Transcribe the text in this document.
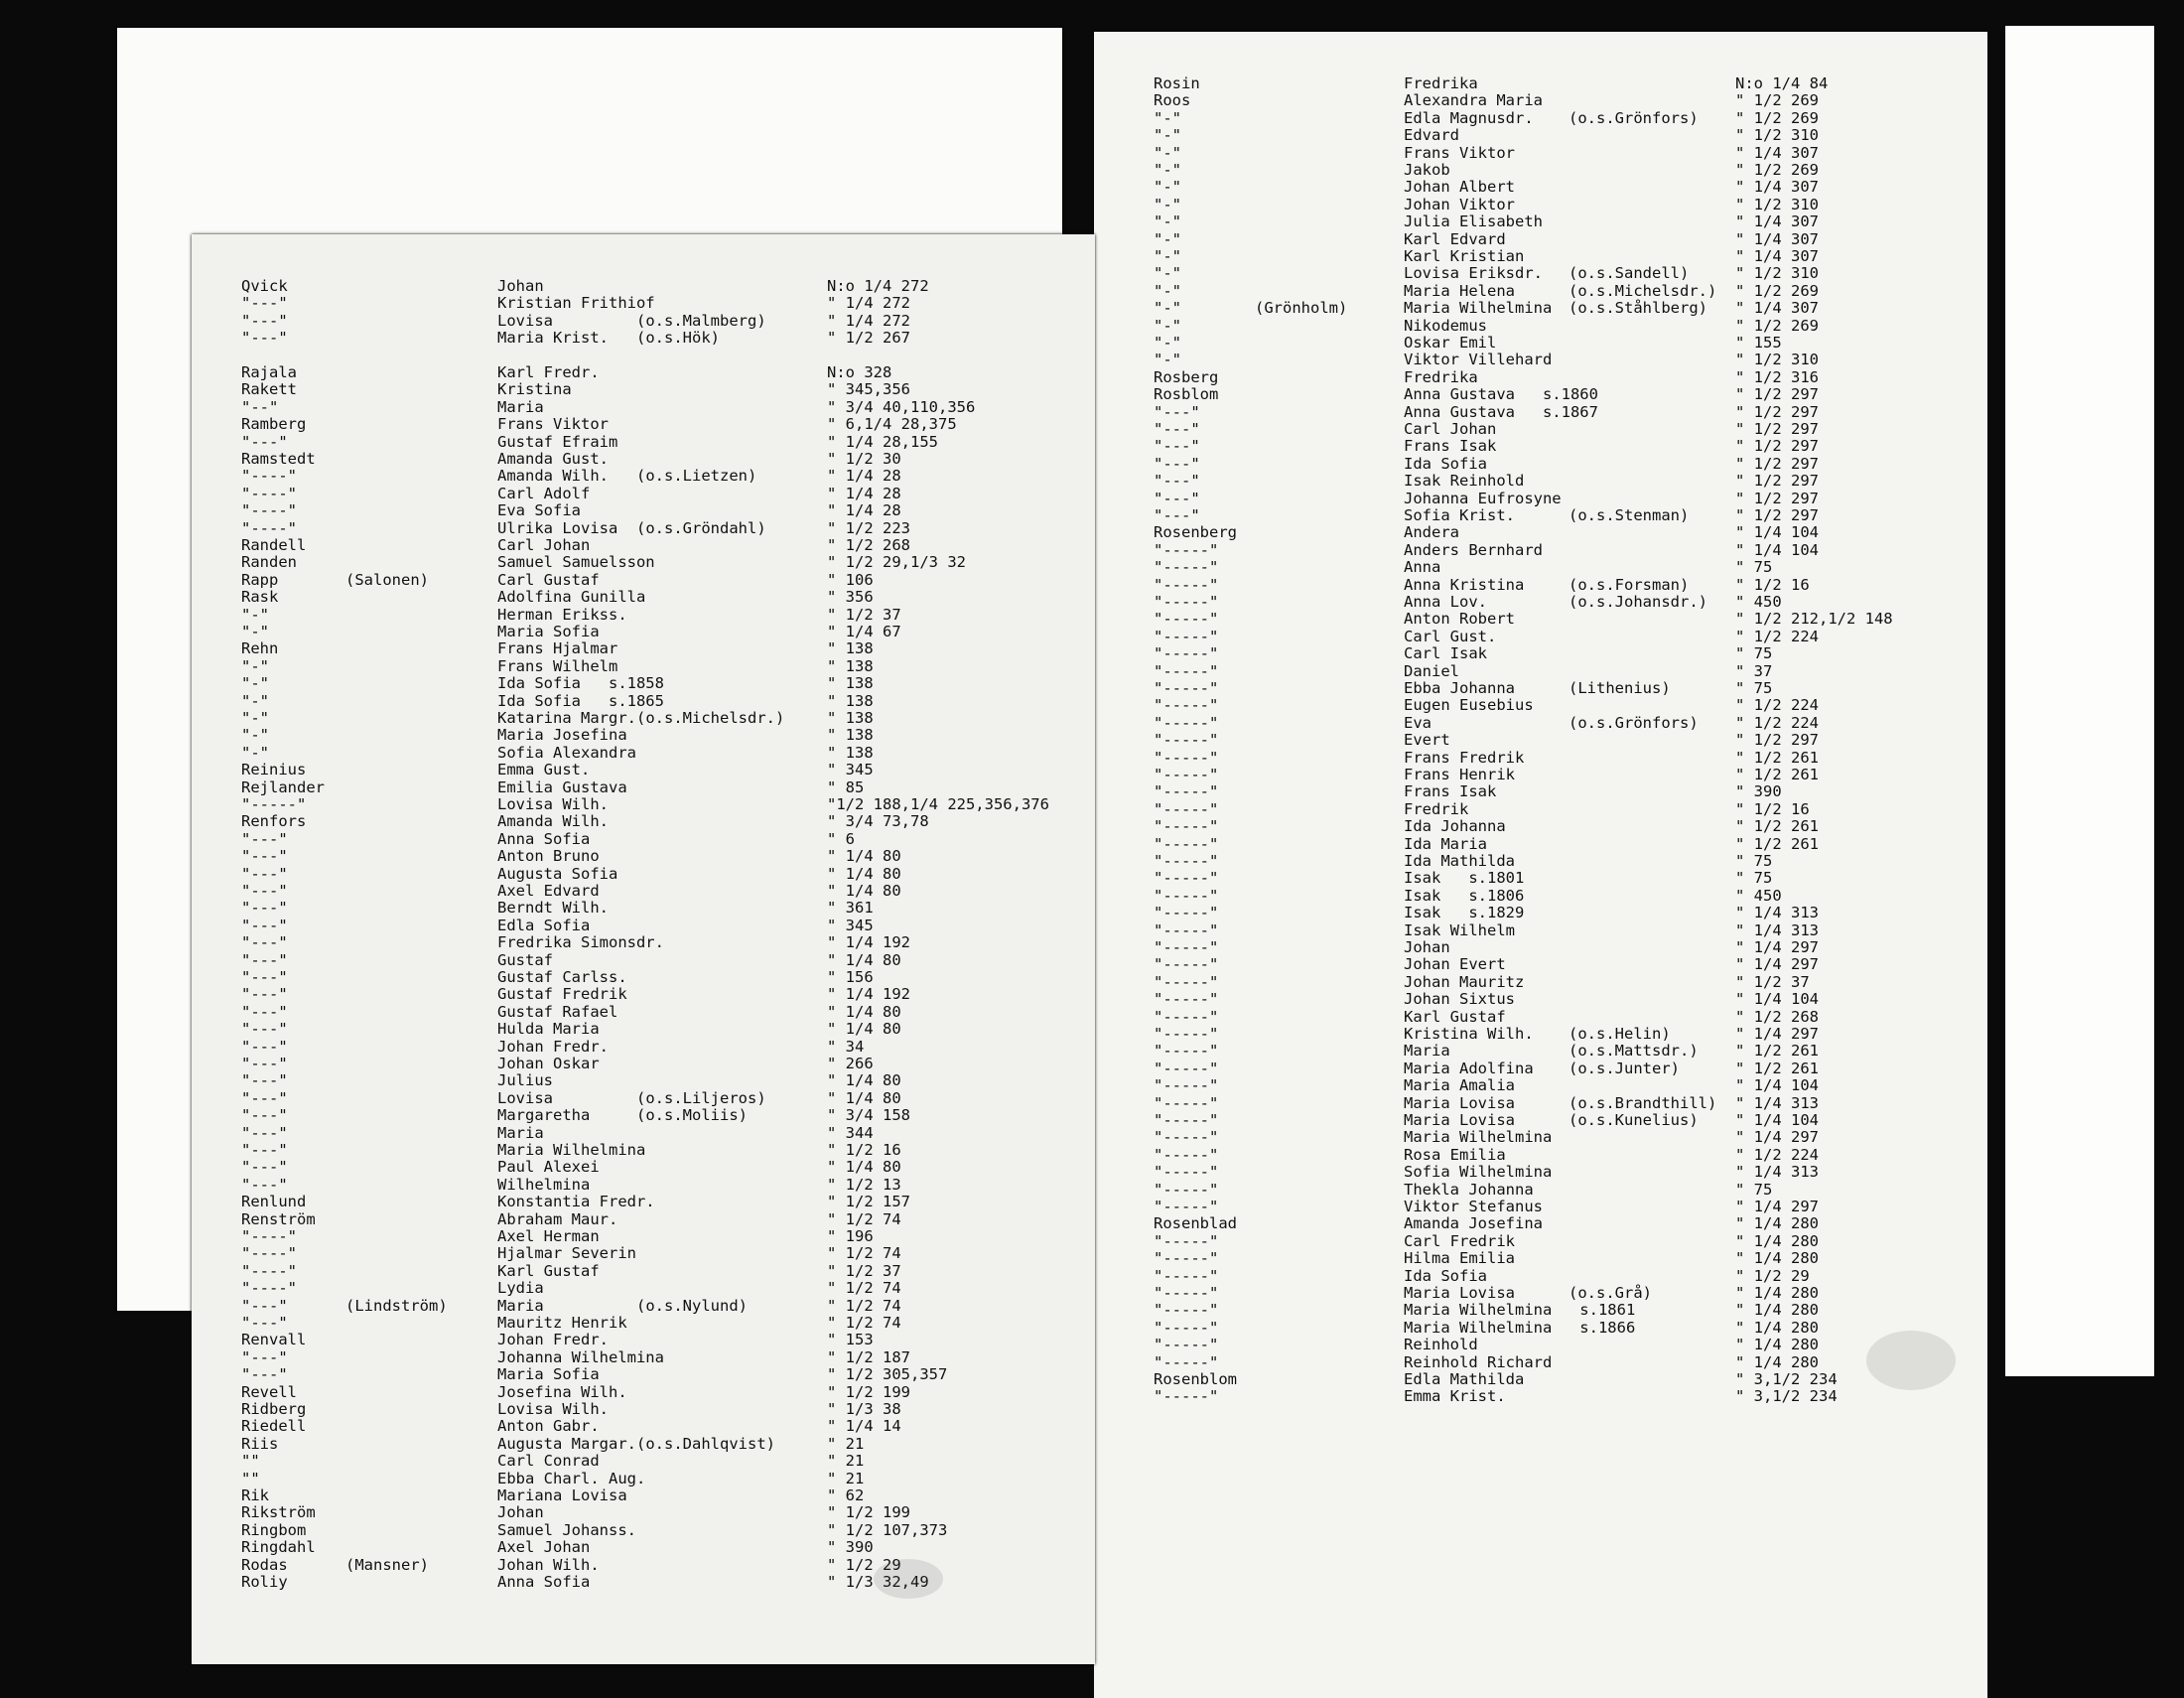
Rosin	Fredrika	N:o 1/4 84
Roos	Alexandra Maria	" 1/2 269
"-"	Edla Magnusdr. (o.s.Grönfors) " 1/2 269
"-"	Edvard	" 1/2 310
"-"	Frans Viktor	" 1/4 307
"-"	Jakob	" 1/2 269
"-"	Johan Albert	" 1/4 307
"-"	Johan Viktor	" 1/2 310
"-"	Julia Elisabeth	" 1/4 307
"-"	Karl Edvard	" 1/4 307
"-"	Karl Kristian	" 1/4 307
"-"	Lovisa Eriksdr. (o.s.Sandell)	" 1/2 310
"-"	Maria Helena	(o.s.Michelsdr.) " 1/2 269
"-"	(Grönholm)	Maria Wilhelmina (o.s.Ståhlberg) " 1/4 307
"-"	Nikodemus	" 1/2 269
"-"	Oskar Emil	" 155
"-"	Viktor Villehard	" 1/2 310
Rosberg	Fredrika	" 1/2 316
Rosblom	Anna Gustava   s.1860	" 1/2 297
"---"	Anna Gustava   s.1867	" 1/2 297
"---"	Carl Johan	" 1/2 297
"---"	Frans Isak	" 1/2 297
"---"	Ida Sofia	" 1/2 297
"---"	Isak Reinhold	" 1/2 297
"---"	Johanna Eufrosyne	" 1/2 297
"---"	Sofia Krist.	(o.s.Stenman)	" 1/2 297
Rosenberg	Andera	" 1/4 104
"-----"	Anders Bernhard	" 1/4 104
"-----"	Anna	" 75
"-----"	Anna Kristina	(o.s.Forsman)	" 1/2 16
"-----"	Anna Lov.	(o.s.Johansdr.) " 450
"-----"	Anton Robert	" 1/2 212,1/2 148
"-----"	Carl Gust.	" 1/2 224
"-----"	Carl Isak	" 75
"-----"	Daniel	" 37
"-----"	Ebba Johanna	(Lithenius)	" 75
"-----"	Eugen Eusebius	" 1/2 224
"-----"	Eva	(o.s.Grönfors) " 1/2 224
"-----"	Evert	" 1/2 297
"-----"	Frans Fredrik	" 1/2 261
"-----"	Frans Henrik	" 1/2 261
"-----"	Frans Isak	" 390
"-----"	Fredrik	" 1/2 16
"-----"	Ida Johanna	" 1/2 261
"-----"	Ida Maria	" 1/2 261
"-----"	Ida Mathilda	" 75
"-----"	Isak   s.1801	" 75
"-----"	Isak   s.1806	" 450
"-----"	Isak   s.1829	" 1/4 313
"-----"	Isak Wilhelm	" 1/4 313
"-----"	Johan	" 1/4 297
"-----"	Johan Evert	" 1/4 297
"-----"	Johan Mauritz	" 1/2 37
"-----"	Johan Sixtus	" 1/4 104
"-----"	Karl Gustaf	" 1/2 268
"-----"	Kristina Wilh. (o.s.Helin)	" 1/4 297
"-----"	Maria	(o.s.Mattsdr.) " 1/2 261
"-----"	Maria Adolfina (o.s.Junter)	" 1/2 261
"-----"	Maria Amalia	" 1/4 104
"-----"	Maria Lovisa	(o.s.Brandthill) " 1/4 313
"-----"	Maria Lovisa	(o.s.Kunelius) " 1/4 104
"-----"	Maria Wilhelmina	" 1/4 297
"-----"	Rosa Emilia	" 1/2 224
"-----"	Sofia Wilhelmina	" 1/4 313
"-----"	Thekla Johanna	" 75
"-----"	Viktor Stefanus	" 1/4 297
Rosenblad	Amanda Josefina	" 1/4 280
"-----"	Carl Fredrik	" 1/4 280
"-----"	Hilma Emilia	" 1/4 280
"-----"	Ida Sofia	" 1/2 29
"-----"	Maria Lovisa	(o.s.Grå)	" 1/4 280
"-----"	Maria Wilhelmina   s.1861	" 1/4 280
"-----"	Maria Wilhelmina   s.1866	" 1/4 280
"-----"	Reinhold	" 1/4 280
"-----"	Reinhold Richard	" 1/4 280
Rosenblom	Edla Mathilda	" 3,1/2 234
"-----"	Emma Krist.	" 3,1/2 234
Qvick	Johan	N:o 1/4 272
"---"	Kristian Frithiof	" 1/4 272
"---"	Lovisa	(o.s.Malmberg)	" 1/4 272
"---"	Maria Krist. (o.s.Hök)	" 1/2 267
Rajala	Karl Fredr.	N:o 328
Rakett	Kristina	" 345,356
"--"	Maria	" 3/4 40,110,356
Ramberg	Frans Viktor	" 6,1/4 28,375
"---"	Gustaf Efraim	" 1/4 28,155
Ramstedt	Amanda Gust.	" 1/2 30
"----"	Amanda Wilh. (o.s.Lietzen)	" 1/4 28
"----"	Carl Adolf	" 1/4 28
"----"	Eva Sofia	" 1/4 28
"----"	Ulrika Lovisa (o.s.Gröndahl)	" 1/2 223
Randell	Carl Johan	" 1/2 268
Randen	Samuel Samuelsson	" 1/2 29,1/3 32
Rapp	(Salonen)	Carl Gustaf	" 106
Rask	Adolfina Gunilla	" 356
"-"	Herman Erikss.	" 1/2 37
"-"	Maria Sofia	" 1/4 67
Rehn	Frans Hjalmar	" 138
"-"	Frans Wilhelm	" 138
"-"	Ida Sofia   s.1858	" 138
"-"	Ida Sofia   s.1865	" 138
"-"	Katarina Margr. (o.s.Michelsdr.)	" 138
"-"	Maria Josefina	" 138
"-"	Sofia Alexandra	" 138
Reinius	Emma Gust.	" 345
Rejlander	Emilia Gustava	" 85
"-----"	Lovisa Wilh.	"1/2 188,1/4 225,356,376
Renfors	Amanda Wilh.	" 3/4 73,78
"---"	Anna Sofia	" 6
"---"	Anton Bruno	" 1/4 80
"---"	Augusta Sofia	" 1/4 80
"---"	Axel Edvard	" 1/4 80
"---"	Berndt Wilh.	" 361
"---"	Edla Sofia	" 345
"---"	Fredrika Simonsdr.	" 1/4 192
"---"	Gustaf	" 1/4 80
"---"	Gustaf Carlss.	" 156
"---"	Gustaf Fredrik	" 1/4 192
"---"	Gustaf Rafael	" 1/4 80
"---"	Hulda Maria	" 1/4 80
"---"	Johan Fredr.	" 34
"---"	Johan Oskar	" 266
"---"	Julius	" 1/4 80
"---"	Lovisa	(o.s.Liljeros)	" 1/4 80
"---"	Margaretha	(o.s.Moliis)	" 3/4 158
"---"	Maria	" 344
"---"	Maria Wilhelmina	" 1/2 16
"---"	Paul Alexei	" 1/4 80
"---"	Wilhelmina	" 1/2 13
Renlund	Konstantia Fredr.	" 1/2 157
Renström	Abraham Maur.	" 1/2 74
"----"	Axel Herman	" 196
"----"	Hjalmar Severin	" 1/2 74
"----"	Karl Gustaf	" 1/2 37
"----"	Lydia	" 1/2 74
"---"	(Lindström)	Maria	(o.s.Nylund)	" 1/2 74
"---"	Mauritz Henrik	" 1/2 74
Renvall	Johan Fredr.	" 153
"---"	Johanna Wilhelmina	" 1/2 187
"---"	Maria Sofia	" 1/2 305,357
Revell	Josefina Wilh.	" 1/2 199
Ridberg	Lovisa Wilh.	" 1/3 38
Riedell	Anton Gabr.	" 1/4 14
Riis	Augusta Margar. (o.s.Dahlqvist)	" 21
""	Carl Conrad	" 21
""	Ebba Charl. Aug.	" 21
Rik	Mariana Lovisa	" 62
Rikström	Johan	" 1/2 199
Ringbom	Samuel Johanss.	" 1/2 107,373
Ringdahl	Axel Johan	" 390
Rodas	(Mansner)	Johan Wilh.	" 1/2 29
Roliy	Anna Sofia	" 1/3 32,49
